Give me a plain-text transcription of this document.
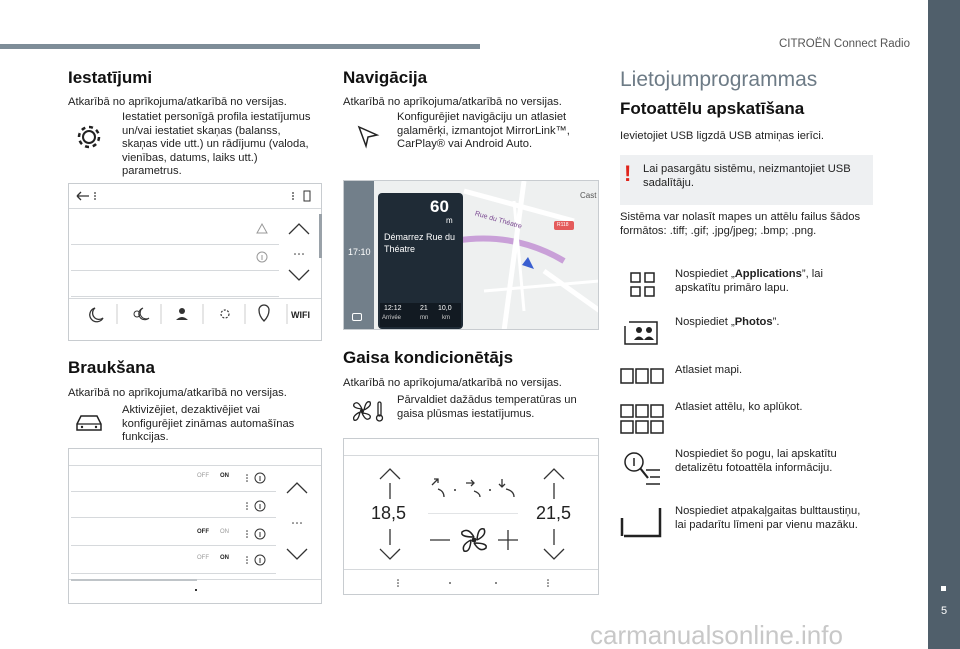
CITROËN Connect Radio
5
Iestatījumi
Atkarībā no aprīkojuma/atkarībā no versijas.
Iestatiet personīgā profila iestatījumus un/vai iestatiet skaņas (balanss, skaņas vide utt.) un rādījumu (valoda, vienības, datums, laiks utt.) parametrus.
WIFI
Braukšana
Atkarībā no aprīkojuma/atkarībā no versijas.
Aktivizējiet, dezaktivējiet vai konfigurējiet zināmas automašīnas funkcijas.
OFF ON
OFF ON
OFF ON
Navigācija
Atkarībā no aprīkojuma/atkarībā no versijas.
Konfigurējiet navigāciju un atlasiet galamērķi, izmantojot MirrorLink™, CarPlay® vai Android Auto.
17:10
R118
Cast
Rue du Théatre
60
m
Démarrez Rue du Théatre
12:12
Arrivée
21
mn
10,0
km
Gaisa kondicionētājs
Atkarībā no aprīkojuma/atkarībā no versijas.
Pārvaldiet dažādus temperatūras un gaisa plūsmas iestatījumus.
18,5	21,5
Lietojumprogrammas
Fotoattēlu apskatīšana
Ievietojiet USB ligzdā USB atmiņas ierīci.
! Lai pasargātu sistēmu, neizmantojiet USB sadalītāju.
Sistēma var nolasīt mapes un attēlu failus šādos formātos: .tiff; .gif; .jpg/jpeg; .bmp; .png.
Nospiediet „Applications”, lai apskatītu primāro lapu.
Nospiediet „Photos”.
Atlasiet mapi.
Atlasiet attēlu, ko aplūkot.
Nospiediet šo pogu, lai apskatītu detalizētu fotoattēla informāciju.
Nospiediet atpakaļgaitas bulttaustiņu, lai padarītu līmeni par vienu mazāku.
carmanualsonline.info
